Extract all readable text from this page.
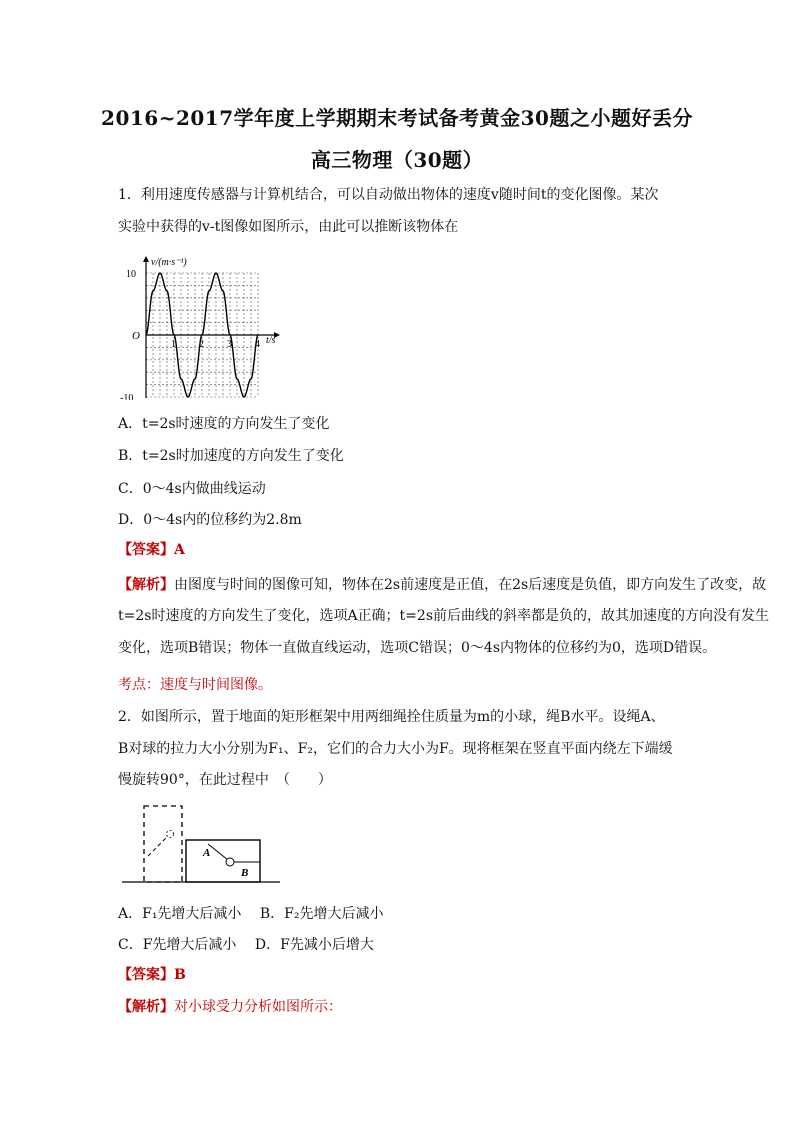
2016~2017学年度上学期期末考试备考黄金30题之小题好丢分
高三物理（30题）
1．利用速度传感器与计算机结合，可以自动做出物体的速度v随时间t的变化图像。某次
实验中获得的v-t图像如图所示，由此可以推断该物体在
1 2 3 4
10
-10
v/(m·s⁻¹)
t/s
O
A．t=2s时速度的方向发生了变化
B．t=2s时加速度的方向发生了变化
C．0～4s内做曲线运动
D．0～4s内的位移约为2.8m
【答案】A
【解析】由图度与时间的图像可知，物体在2s前速度是正值，在2s后速度是负值，即方向发生了改变，故
t=2s时速度的方向发生了变化，选项A正确；t=2s前后曲线的斜率都是负的，故其加速度的方向没有发生
变化，选项B错误；物体一直做直线运动，选项C错误；0～4s内物体的位移约为0，选项D错误。
考点：速度与时间图像。
2．如图所示，置于地面的矩形框架中用两细绳拴住质量为m的小球，绳B水平。设绳A、
B对球的拉力大小分别为F₁、F₂，它们的合力大小为F。现将框架在竖直平面内绕左下端缓
慢旋转90°，在此过程中　（　　）
A
B
A．F₁先增大后减小　 B．F₂先增大后减小
C．F先增大后减小　 D．F先减小后增大
【答案】B
【解析】对小球受力分析如图所示：
